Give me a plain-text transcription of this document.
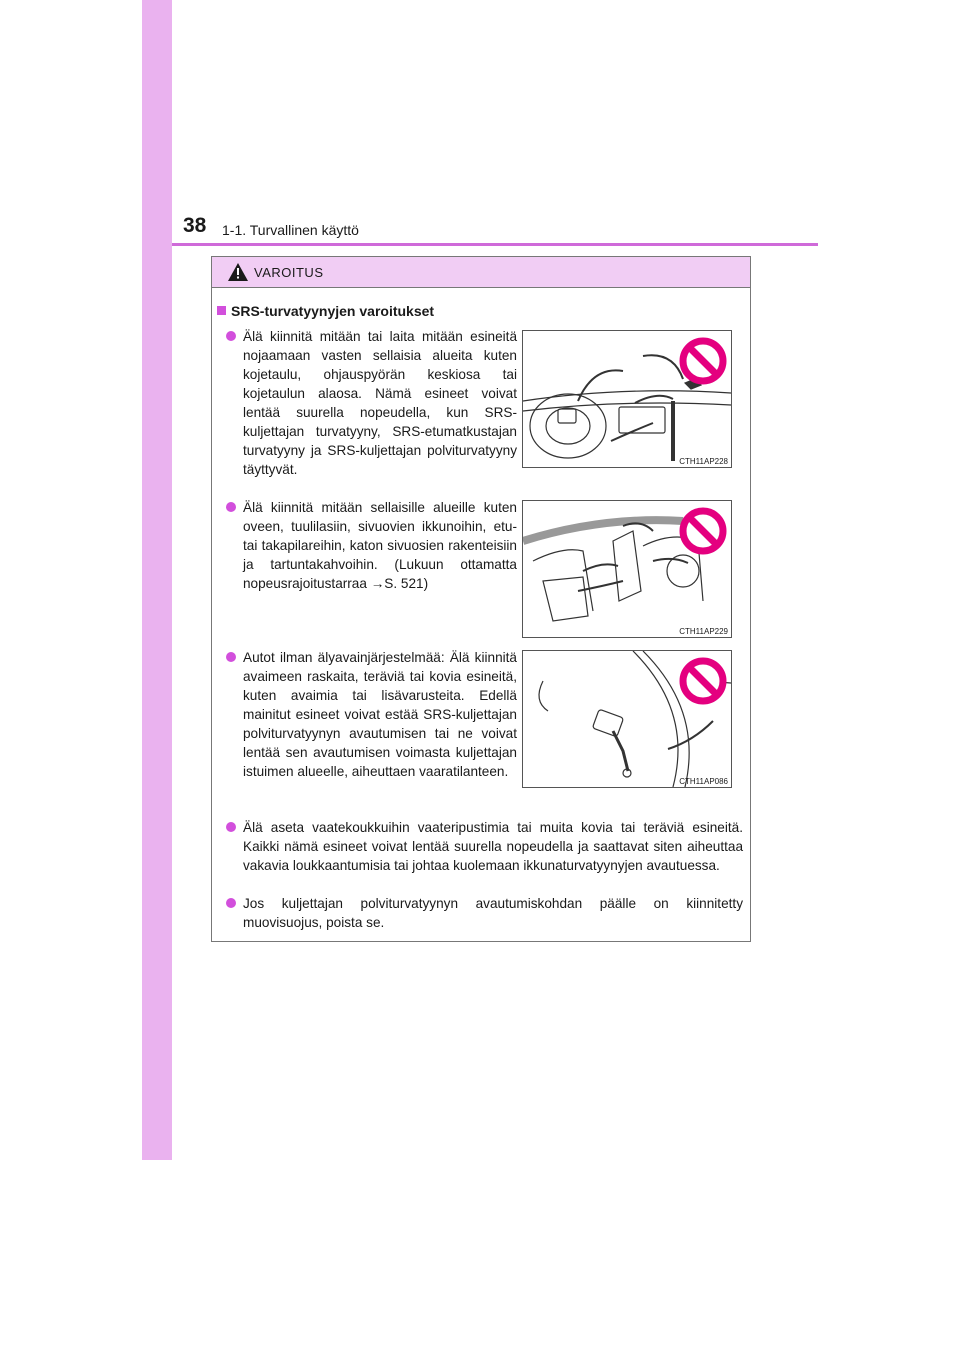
38 1-1. Turvallinen käyttö
VAROITUS
SRS-turvatyynyjen varoitukset
Älä kiinnitä mitään tai laita mitään esineitä nojaamaan vasten sellaisia alueita kuten kojetaulu, ohjauspyörän keskiosa tai kojetaulun alaosa. Nämä esineet voivat lentää suurella nopeudella, kun SRS-kuljettajan turvatyyny, SRS-etumatkustajan turvatyyny ja SRS-kuljettajan polviturvatyyny täyttyvät.
Älä kiinnitä mitään sellaisille alueille kuten oveen, tuulilasiin, sivuovien ikkunoihin, etu- tai takapilareihin, katon sivuosien rakenteisiin ja tartuntakahvoihin. (Lukuun ottamatta nopeusrajoitustarraa →S. 521)
Autot ilman älyavainjärjestelmää: Älä kiinnitä avaimeen raskaita, teräviä tai kovia esineitä, kuten avaimia tai lisävarusteita. Edellä mainitut esineet voivat estää SRS-kuljettajan polviturvatyynyn avautumisen tai ne voivat lentää sen avautumisen voimasta kuljettajan istuimen alueelle, aiheuttaen vaaratilanteen.
Älä aseta vaatekoukkuihin vaateripustimia tai muita kovia tai teräviä esineitä. Kaikki nämä esineet voivat lentää suurella nopeudella ja saattavat siten aiheuttaa vakavia loukkaantumisia tai johtaa kuolemaan ikkunaturvatyynyjen avautuessa.
Jos kuljettajan polviturvatyynyn avautumiskohdan päälle on kiinnitetty muovisuojus, poista se.
CTH11AP228
CTH11AP229
CTH11AP086
